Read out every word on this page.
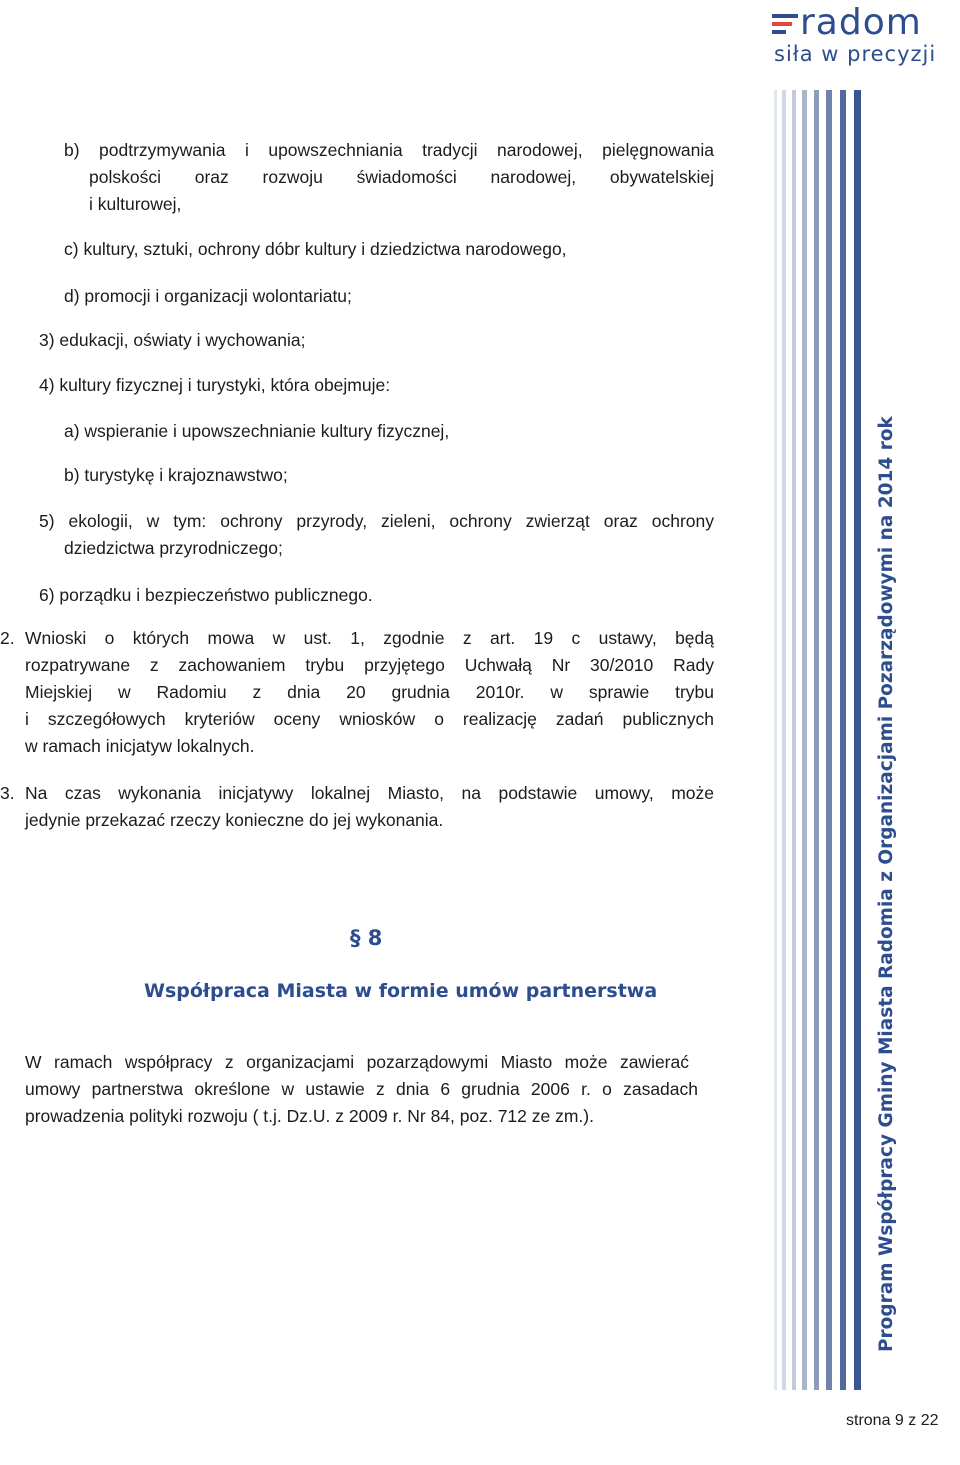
radom
siła w precyzji
Program Współpracy Gminy Miasta Radomia z Organizacjami Pozarządowymi na 2014 rok
b) podtrzymywania i upowszechniania tradycji narodowej, pielęgnowania
polskości oraz rozwoju świadomości narodowej, obywatelskiej
i kulturowej,
c) kultury, sztuki, ochrony dóbr kultury i dziedzictwa narodowego,
d) promocji i organizacji wolontariatu;
3) edukacji, oświaty i wychowania;
4) kultury fizycznej i turystyki, która obejmuje:
a) wspieranie i upowszechnianie kultury fizycznej,
b) turystykę i krajoznawstwo;
5) ekologii, w tym: ochrony przyrody, zieleni, ochrony zwierząt oraz ochrony
dziedzictwa przyrodniczego;
6) porządku i bezpieczeństwo publicznego.
2. Wnioski o których mowa w ust. 1, zgodnie z art. 19 c ustawy, będą
rozpatrywane z zachowaniem trybu przyjętego Uchwałą Nr 30/2010 Rady
Miejskiej w Radomiu z dnia 20 grudnia 2010r. w sprawie trybu
i szczegółowych kryteriów oceny wniosków o realizację zadań publicznych
w ramach inicjatyw lokalnych.
3. Na czas wykonania inicjatywy lokalnej Miasto, na podstawie umowy, może
jedynie przekazać rzeczy konieczne do jej wykonania.
§ 8
Współpraca Miasta w formie umów partnerstwa
W ramach współpracy z organizacjami pozarządowymi Miasto może zawierać
umowy partnerstwa określone w ustawie z dnia 6 grudnia 2006 r. o zasadach
prowadzenia polityki rozwoju ( t.j. Dz.U. z 2009 r. Nr 84, poz. 712 ze zm.).
strona 9 z 22
